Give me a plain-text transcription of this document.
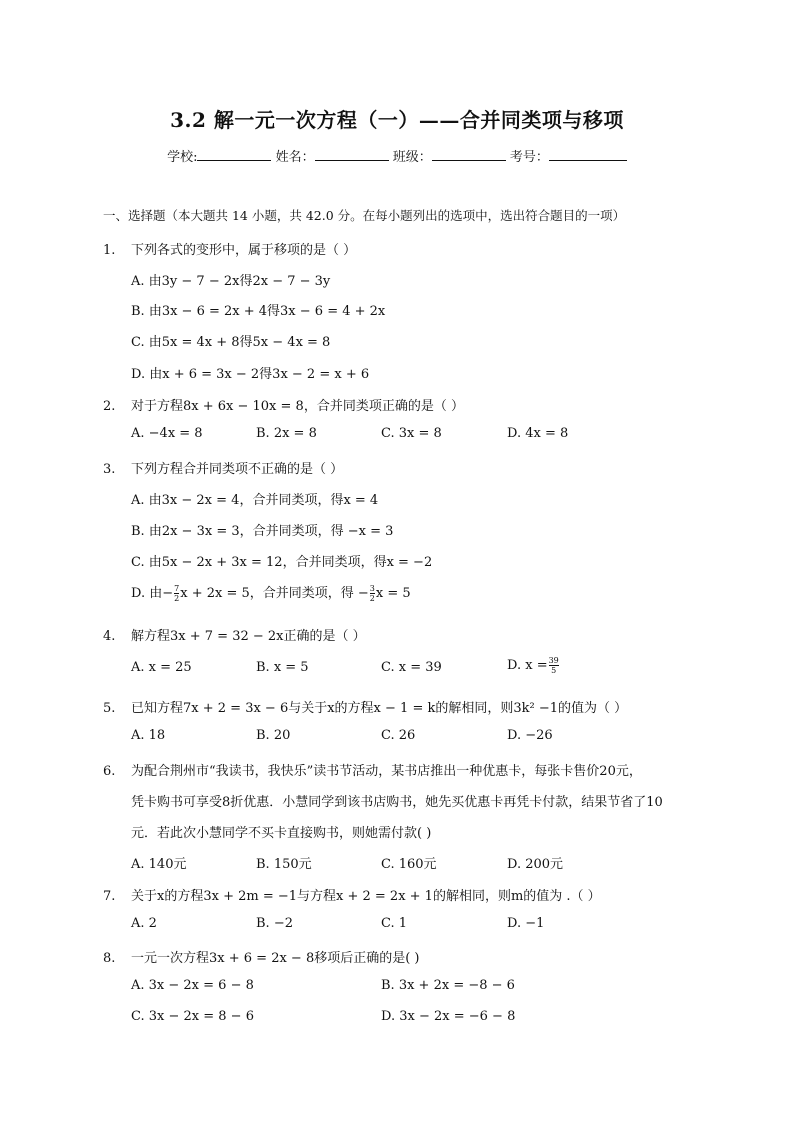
3.2 解一元一次方程（一）——合并同类项与移项
学校:	姓名：	班级：	考号：
一、选择题（本大题共 14 小题，共 42.0 分。在每小题列出的选项中，选出符合题目的一项）
1. 下列各式的变形中，属于移项的是（ ）
A. 由3y − 7 − 2x得2x − 7 − 3y
B. 由3x − 6 = 2x + 4得3x − 6 = 4 + 2x
C. 由5x = 4x + 8得5x − 4x = 8
D. 由x + 6 = 3x − 2得3x − 2 = x + 6
2. 对于方程8x + 6x − 10x = 8，合并同类项正确的是（ ）
A. −4x = 8	B. 2x = 8	C. 3x = 8	D. 4x = 8
3. 下列方程合并同类项不正确的是（ ）
A. 由3x − 2x = 4，合并同类项，得x = 4
B. 由2x − 3x = 3，合并同类项，得 −x = 3
C. 由5x − 2x + 3x = 12，合并同类项，得x = −2
D. 由− $\frac{7}{2}$ x + 2x = 5，合并同类项，得 − $\frac{3}{2}$ x = 5
4. 解方程3x + 7 = 32 − 2x正确的是（ ）
A. x = 25	B. x = 5	C. x = 39	D. $x = \frac{39}{5}$
5. 已知方程7x + 2 = 3x − 6与关于x的方程x − 1 = k的解相同，则3k² −1的值为（ ）
A. 18	B. 20	C. 26	D. −26
6. 为配合荆州市“我读书，我快乐”读书节活动，某书店推出一种优惠卡，每张卡售价20元，
凭卡购书可享受8折优惠．小慧同学到该书店购书，她先买优惠卡再凭卡付款，结果节省了10
元．若此次小慧同学不买卡直接购书，则她需付款( )
A. 140元	B. 150元	C. 160元	D. 200元
7. 关于x的方程3x + 2m = −1与方程x + 2 = 2x + 1的解相同，则m的值为 .（ ）
A. 2	B. −2	C. 1	D. −1
8. 一元一次方程3x + 6 = 2x − 8移项后正确的是( )
A. 3x − 2x = 6 − 8	B. 3x + 2x = −8 − 6
C. 3x − 2x = 8 − 6	D. 3x − 2x = −6 − 8
